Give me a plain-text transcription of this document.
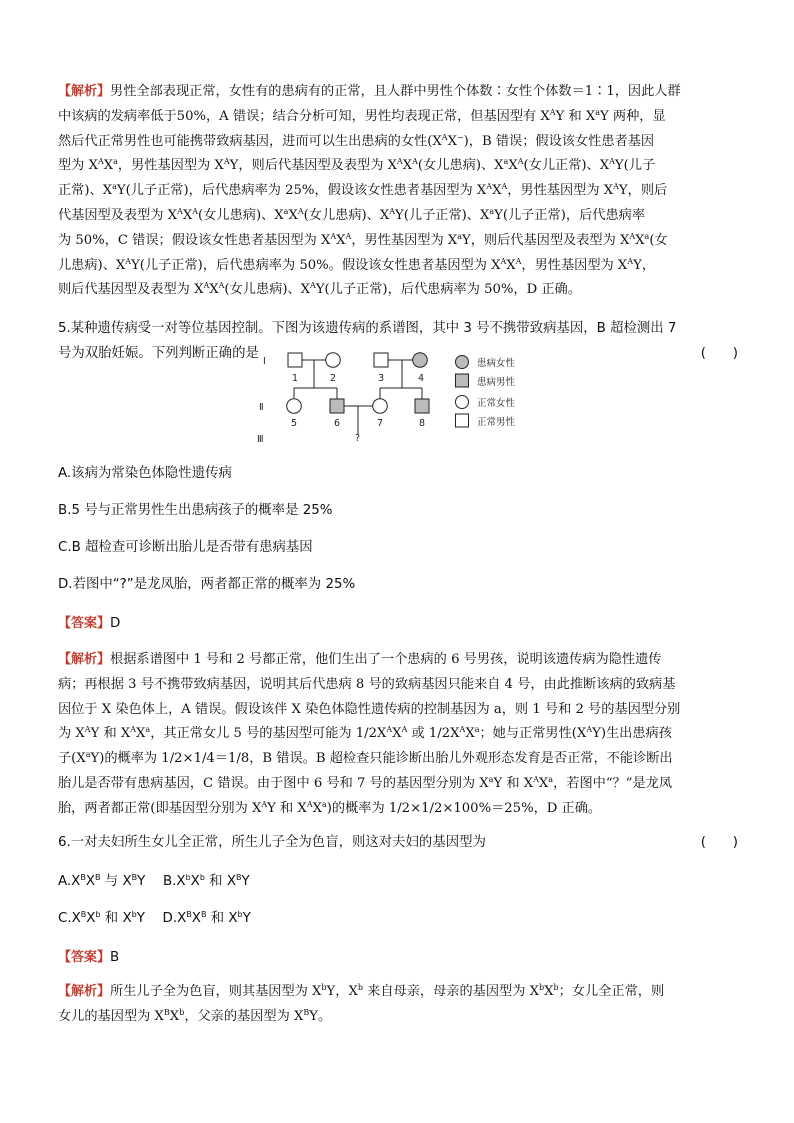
【解析】男性全部表现正常，女性有的患病有的正常，且人群中男性个体数∶女性个体数＝1∶1，因此人群

中该病的发病率低于50%，A 错误；结合分析可知，男性均表现正常，但基因型有 $X^AY$ 和 $X^aY$ 两种，显

然后代正常男性也可能携带致病基因，进而可以生出患病的女性$(X^AX^-)$，B 错误；假设该女性患者基因

型为 $X^AX^a$，男性基因型为 $X^AY$，则后代基因型及表型为 $X^AX^A$(女儿患病)、$X^aX^A$(女儿正常)、$X^AY$(儿子

正常)、$X^aY$(儿子正常)，后代患病率为 25%，假设该女性患者基因型为 $X^AX^A$，男性基因型为 $X^AY$，则后

代基因型及表型为 $X^AX^A$(女儿患病)、$X^aX^A$(女儿患病)、$X^AY$(儿子正常)、$X^aY$(儿子正常)，后代患病率

为 50%，C 错误；假设该女性患者基因型为 $X^AX^A$，男性基因型为 $X^aY$，则后代基因型及表型为 $X^AX^a$(女

儿患病)、$X^AY$(儿子正常)，后代患病率为 50%。假设该女性患者基因型为 $X^AX^A$，男性基因型为 $X^AY$，

则后代基因型及表型为 $X^AX^A$(女儿患病)、$X^AY$(儿子正常)，后代患病率为 50%，D 正确。

5.某种遗传病受一对等位基因控制。下图为该遗传病的系谱图，其中 3 号不携带致病基因，B 超检测出 7

号为双胎妊娠。下列判断正确的是	(　　)
Ⅰ
Ⅱ
Ⅲ
1	2	3	4
5	6	7	8
?
患病女性
患病男性
正常女性
正常男性

A.该病为常染色体隐性遗传病

B.5 号与正常男性生出患病孩子的概率是 25%

C.B 超检查可诊断出胎儿是否带有患病基因

D.若图中“?”是龙凤胎，两者都正常的概率为 25%

【答案】D

【解析】根据系谱图中 1 号和 2 号都正常，他们生出了一个患病的 6 号男孩，说明该遗传病为隐性遗传

病；再根据 3 号不携带致病基因，说明其后代患病 8 号的致病基因只能来自 4 号，由此推断该病的致病基

因位于 X 染色体上，A 错误。假设该伴 X 染色体隐性遗传病的控制基因为 a，则 1 号和 2 号的基因型分别

为 $X^AY$ 和 $X^AX^a$，其正常女儿 5 号的基因型可能为 $1/2X^AX^A$ 或 $1/2X^AX^a$；她与正常男性$(X^AY)$生出患病孩

子$(X^aY)$的概率为 1/2×1/4＝1/8，B 错误。B 超检查只能诊断出胎儿外观形态发育是否正常，不能诊断出

胎儿是否带有患病基因，C 错误。由于图中 6 号和 7 号的基因型分别为 $X^aY$ 和 $X^AX^a$，若图中“？”是龙凤

胎，两者都正常(即基因型分别为 $X^AY$ 和 $X^AX^a$)的概率为 1/2×1/2×100%＝25%，D 正确。

6.一对夫妇所生女儿全正常，所生儿子全为色盲，则这对夫妇的基因型为	(　　)

$A.X^BX^B$ 与 $X^BY$　 $B.X^bX^b$ 和 $X^BY$

$C.X^BX^b$ 和 $X^bY$　 $D.X^BX^B$ 和 $X^bY$

【答案】B

【解析】所生儿子全为色盲，则其基因型为 $X^bY$，$X^b$ 来自母亲，母亲的基因型为 $X^bX^b$；女儿全正常，则

女儿的基因型为 $X^BX^b$，父亲的基因型为 $X^BY$。
